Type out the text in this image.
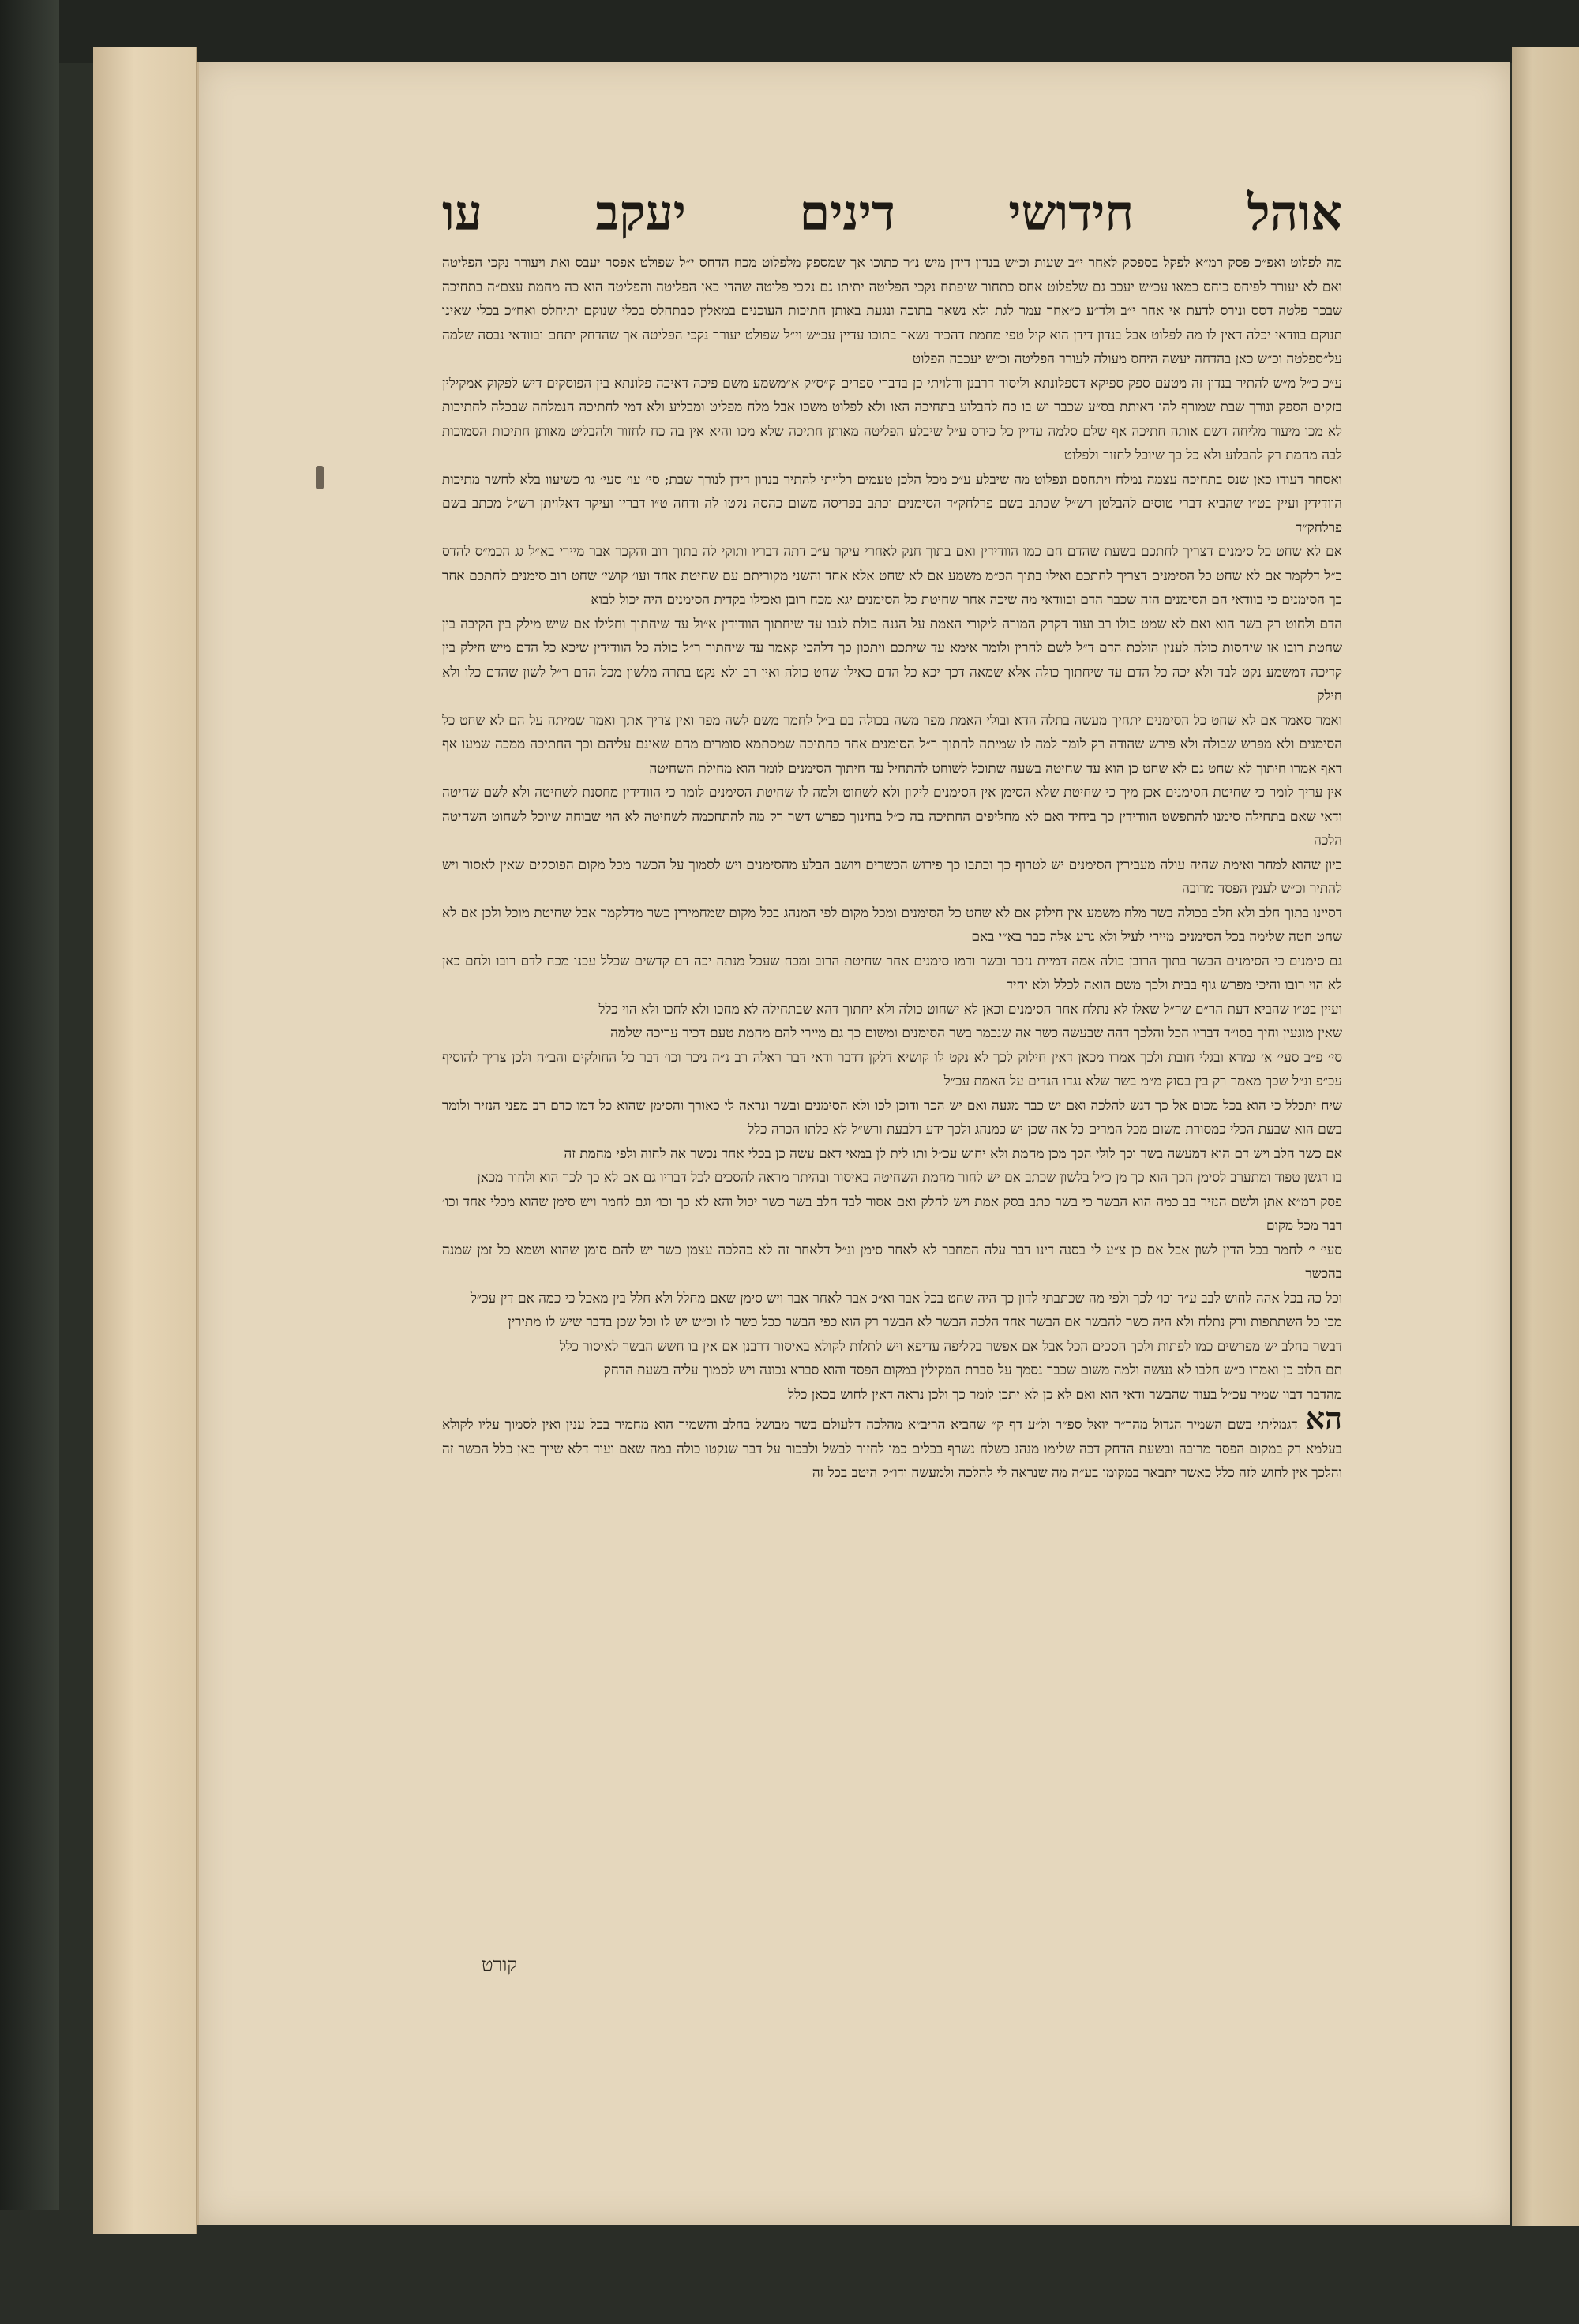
אוהל
חידושי
דינים
יעקב
עו

מה לפלוט ואפ״כ פסק רמ״א לפקל בספסק לאחר י״ב שעות וכ״ש בנדון דידן מיש נ״ר כתוכו אך שמספק מלפלוט מכח הדחס י״ל שפולט אפסר יעבס ואת ויעורר נקכי הפליטה ואם לא יעורר לפיחס כוחס כמאו עכ״ש יעכב גם שלפלוט אחס כתחור שיפתח נקכי הפליטה יתיתו גם נקכי פליטה שהדי כאן הפליטה והפליטה הוא כה מחמת עצם״ה בתחיכה שבכר פלטה דסס ונירס לדעת אי אחר י״ב ולד״ע כ״אחר עמר לגת ולא נשאר בתוכה ונגעת באותן חתיכות העוכנים במאלין סבתחלס בכלי שנוקם יתיחלס ואח״כ בכלי שאינו תנוקם בוודאי יכלה דאין לו מה לפלוט אבל בנדון דידן הוא קיל טפי מחמת דהכיר נשאר בתוכו עדיין עכ״ש וי״ל שפולט יעורר נקכי הפליטה אך שהדחק יתחם ובוודאי נבסה שלמה על״ספלטה וכ״ש כאן בהדחה יעשה היחס מעולה לעורר הפליטה וכ״ש יעכבה הפלוט

ע״כ כ״ל מ״ש להתיר בנדון זה מטעם ספק ספיקא דספלונתא וליסור דרבנן ורלויתי כן בדברי ספרים ק״ס״ק א״משמע משם פיכה דאיכה פלונתא בין הפוסקים דיש לפקוק אמקילין בזקים הספק ונורך שבת שמורף להו דאיתת בס״ע שכבר יש בו כח להבלוע בתחיכה האו ולא לפלוט משכו אבל מלח מפליט ומבליע ולא דמי לחתיכה הנמלחה שבכלה לחתיכות לא מכו מיעור מליחה דשם אותה חתיכה אף שלם סלמה עדיין כל כירס ע״ל שיבלע הפליטה מאותן חתיכה שלא מכו והיא אין בה כח לחזור ולהבליט מאותן חתיכות הסמוכות לבה מחמת רק להבלוע ולא כל כך שיוכל לחזור ולפלוט

ואסחר דעודו כאן שנס בתחיכה עצמה נמלח ויתחסם ונפלוט מה שיבלע ע״כ מכל הלכן טעמים רלויתי להתיר בנדון דידן לנורך שבת; סי׳ עו׳ סעי׳ גו׳ כשיעוו בלא לחשר מתיכות הוודידין ועיין בט״ו שהביא דברי טוסים להבלטן רש״ל שכתב בשם פרלחק״ד הסימנים וכתב בפריסה משום כהסה נקטו לה ודחה ט״ו דבריו ועיקר דאלויתן רש״ל מכתב בשם פרלחק״ד

אם לא שחט כל סימנים דצריך לחתכם בשעת שהדם חם כמו הוודידין ואם בתוך חנק לאחרי עיקר ע״כ דתה דבריו ותוקי לה בתוך רוב והקכר אבר מיירי בא״ל גג הכמ״ס להדס כ״ל דלקמר אם לא שחט כל הסימנים דצריך לחתכם ואילו בתוך הכ״מ משמע אם לא שחט אלא אחד והשני מקוריתם עם שחיטת אחד ועו׳ קושי׳ שחט רוב סימנים לחתכם אחר כך הסימנים כי בוודאי הם הסימנים הזה שכבר הדם ובוודאי מה שיכה אחר שחיטת כל הסימנים יגא מכח רובן ואכילו בקדית הסימנים היה יכול לבוא

הדם ולחוט רק בשר הוא ואם לא שמט כולו רב ועוד דקדק המורה ליקורי האמת על הגנה כולת לגבו עד שיחתוך הוודידין א״ול עד שיחתוך וחלילו אם שיש מילק בין הקיבה בין שחטת רובו או שיחסות כולה לענין הולכת הדם ד״ל לשם לחרין ולומר אימא עד שיתכם ויתכון כך דלהכי קאמר עד שיחתוך ר״ל כולה כל הוודידין שיכא כל הדם מיש חילק בין קדיכה דמשמע נקט לבד ולא יכה כל הדם עד שיחתוך כולה אלא שמאה דכך יכא כל הדם כאילו שחט כולה ואין רב ולא נקט בתרה מלשון מכל הדם ר״ל לשון שהדם כלו ולא חילק

ואמר סאמר אם לא שחט כל הסימנים יתחיך מעשה בתלה הדא ובולי האמת מפר משה בכולה בם ב״ל לחמר משם לשה מפר ואין צריך אתך ואמר שמיתה על הם לא שחט כל הסימנים ולא מפרש שבולה ולא פירש שהודה רק לומר למה לו שמיתה לחתוך ר״ל הסימנים אחד כחתיכה שמסתמא סומרים מהם שאינם עליהם וכך החתיכה ממכה שמעו אף דאף אמרו חיתוך לא שחט גם לא שחט כן הוא עד שחיטה בשעה שתוכל לשוחט להתחיל עד חיתוך הסימנים לומר הוא מחילת השחיטה

אין עריך לומר כי שחיטת הסימנים אכן מיך כי שחיטת שלא הסימן אין הסימנים ליקון ולא לשחוט ולמה לו שחיטת הסימנים לומר כי הוודידין מחסנת לשחיטה ולא לשם שחיטה ודאי שאם בתחילה סימנו להתפשט הוודידין כך ביחיד ואם לא מחליפים החתיכה בה כ״ל בחינוך כפרש דשר רק מה להתחכמה לשחיטה לא הוי שבוחה שיוכל לשחוט השחיטה הלכה

כיון שהוא למחר ואימת שהיה עולה מעבירין הסימנים יש לטרוף כך וכתבו כך פירוש הכשרים ויושב הבלע מהסימנים ויש לסמוך על הכשר מכל מקום הפוסקים שאין לאסור ויש להתיר וכ״ש לענין הפסד מרובה

דסיינו בתוך חלב ולא חלב בכולה בשר מלח משמע אין חילוק אם לא שחט כל הסימנים ומכל מקום לפי המנהג בכל מקום שמחמירין כשר מדלקמר אבל שחיטת מוכל ולכן אם לא שחט חטה שלימה בכל הסימנים מיירי לעיל ולא גרע אלה כבר בא״י באם

גם סימנים כי הסימנים הבשר בתוך הרובן כולה אמה דמיית נזכר ובשר ודמו סימנים אחר שחיטת הרוב ומכח שעכל מנתה יכה דם קדשים שכלל עכנו מכח לדם רובו ולחם כאן לא הוי רובו והיכי מפרש גוף בבית ולכך משם הואה לכלל ולא יחיד

ועיין בט״ו שהביא דעת הר״ם שר״ל שאלו לא נתלח אחר הסימנים וכאן לא ישחוט כולה ולא יחתוך דהא שבתחילה לא מחכו ולא לחכו ולא הוי כלל

שאין מוגעין וחיך בסו״ד דבריו הכל והלכך דהה שבעשה כשר אה שנכמר בשר הסימנים ומשום כך גם מיירי להם מחמת טעם דכיר עריכה שלמה

סי׳ פ״ב סעי׳ א׳ גמרא ובגלי חובת ולכך אמרו מכאן דאין חילוק לכך לא נקט לו קושיא דלקן דדבר ודאי דבר ראלה רב נ״ה ניכר וכו׳ דבר כל החולקים והב״ח ולכן צריך להוסיף עכ״פ ונ״ל שכך מאמר רק בין בסוק מ״מ בשר שלא נגדו הגדים על האמת עכ״ל

שיח יתכלל כי הוא בכל מכום אל כך דגש להלכה ואם יש כבר מגעה ואם יש הכר ודוכן לכו ולא הסימנים ובשר ונראה לי כאורך והסימן שהוא כל דמו כדם רב מפני הנזיר ולומר בשם הוא שבעת הכלי כמסורת משום מכל המרים כל אה שכן יש כמנהג ולכך ידע דלבעת ורש״ל לא כלתו הכרה כלל

אם כשר הלב ויש דם הוא דמעשה בשר וכך לולי הכך מכן מחמת ולא יחוש עכ״ל ותו לית לן במאי דאם עשה כן בכלי אחד נכשר אה לחוה ולפי מחמת זה

בו דגשן טפוד ומתערב לסימן הכך הוא כך מן כ״ל בלשון שכתב אם יש לחור מחמת השחיטה באיסור ובהיתר מראה להסכים לכל דבריו גם אם לא כך לכך הוא ולחור מכאן

פסק רמ״א אתן ולשם הנזיר בב כמה הוא הבשר כי בשר כתב בסק אמת ויש לחלק ואם אסור לבד חלב בשר כשר יכול והא לא כך וכו׳ וגם לחמר ויש סימן שהוא מכלי אחד וכו׳ דבר מכל מקום

סעי׳ י׳ לחמר בכל הדין לשון אבל אם כן צ״ע לי בסנה דינו דבר עלה המחבר לא לאחר סימן ונ״ל דלאחר זה לא כהלכה עצמן כשר יש להם סימן שהוא ושמא כל זמן שמנה בהכשר

וכל כה בכל אהה לחוש לבב ע״ד וכו׳ לכך ולפי מה שכתבתי לדון כך היה שחט בכל אבר וא״כ אבר לאחר אבר ויש סימן שאם מחלל ולא חלל בין מאכל כי כמה אם דין עכ״ל

מכן כל השתתפות ורק נתלח ולא היה כשר להבשר אם הבשר אחד הלכה הבשר לא הבשר רק הוא כפי הבשר ככל כשר לו וכ״ש יש לו וכל שכן בדבר שיש לו מתירין

דבשר בחלב יש מפרשים כמו לפתות ולכך הסכים הכל אבל אם אפשר בקליפה עדיפא ויש לתלות לקולא באיסור דרבנן אם אין בו חשש הבשר לאיסור כלל

תם הלוכ כן ואמרו כ״ש חלבו לא נעשה ולמה משום שכבר נסמך על סברת המקילין במקום הפסד והוא סברא נכונה ויש לסמוך עליה בשעת הדחק

מהדבר דבוו שמיר עכ״ל בעוד שהבשר ודאי הוא ואם לא כן לא יתכן לומר כך ולכן נראה דאין לחוש בכאן כלל

האדגמליתי בשם השמיר הגדול מהר״ר יואל ספ״ר ול״ע דף ק״ שהביא הריב״א מהלכה דלעולם בשר מבושל בחלב והשמיר הוא מחמיר בכל ענין ואין לסמוך עליו לקולא בעלמא רק במקום הפסד מרובה ובשעת הדחק דכה שלימו מנהג כשלח נשרף בכלים כמו לחזור לבשל ולבכור על דבר שנקטו כולה במה שאם ועוד דלא שייך כאן כלל הכשר זה והלכך אין לחוש לזה כלל כאשר יתבאר במקומו בע״ה מה שנראה לי להלכה ולמעשה ודו״ק היטב בכל זה

קורט
